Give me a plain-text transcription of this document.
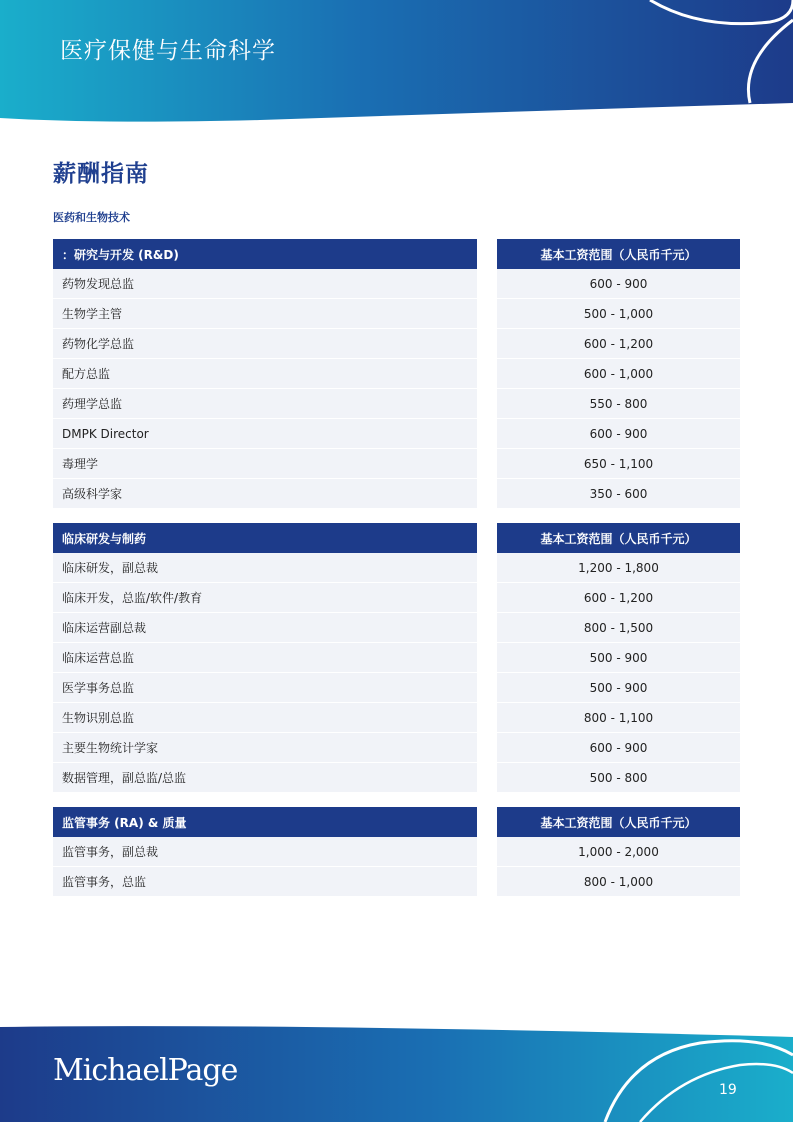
医疗保健与生命科学
薪酬指南
医药和生物技术
：研究与开发 (R&D)	基本工资范围（人民币千元）
药物发现总监	600 - 900
生物学主管	500 - 1,000
药物化学总监	600 - 1,200
配方总监	600 - 1,000
药理学总监	550 - 800
DMPK Director	600 - 900
毒理学	650 - 1,100
高级科学家	350 - 600
临床研发与制药	基本工资范围（人民币千元）
临床研发，副总裁	1,200 - 1,800
临床开发，总监/软件/教育	600 - 1,200
临床运营副总裁	800 - 1,500
临床运营总监	500 - 900
医学事务总监	500 - 900
生物识别总监	800 - 1,100
主要生物统计学家	600 - 900
数据管理，副总监/总监	500 - 800
监管事务 (RA) & 质量	基本工资范围（人民币千元）
监管事务，副总裁	1,000 - 2,000
监管事务，总监	800 - 1,000
MichaelPage
19
